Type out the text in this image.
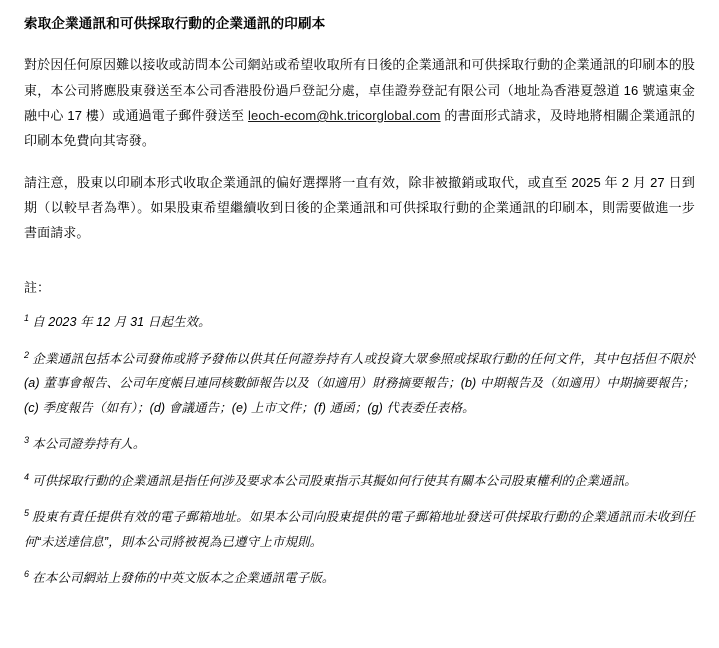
索取企業通訊和可供採取行動的企業通訊的印刷本

對於因任何原因難以接收或訪問本公司網站或希望收取所有日後的企業通訊和可供採取行動的企業通訊的印刷本的股東，本公司將應股東發送至本公司香港股份過戶登記分處，卓佳證券登記有限公司（地址為香港夏愨道 16 號遠東金融中心 17 樓）或通過電子郵件發送至 leoch-ecom@hk.tricorglobal.com 的書面形式請求，及時地將相關企業通訊的印刷本免費向其寄發。

請注意，股東以印刷本形式收取企業通訊的偏好選擇將一直有效，除非被撤銷或取代，或直至 2025 年 2 月 27 日到期（以較早者為準）。如果股東希望繼續收到日後的企業通訊和可供採取行動的企業通訊的印刷本，則需要做進一步書面請求。

註：

$^1$ 自 2023 年 12 月 31 日起生效。

$^2$ 企業通訊包括本公司發佈或將予發佈以供其任何證券持有人或投資大眾參照或採取行動的任何文件，其中包括但不限於 (a) 董事會報告、公司年度帳目連同核數師報告以及（如適用）財務摘要報告；(b) 中期報告及（如適用）中期摘要報告；(c) 季度報告（如有）；(d) 會議通告；(e) 上市文件；(f) 通函；(g) 代表委任表格。

$^3$ 本公司證券持有人。

$^4$ 可供採取行動的企業通訊是指任何涉及要求本公司股東指示其擬如何行使其有關本公司股東權利的企業通訊。

$^5$ 股東有責任提供有效的電子郵箱地址。如果本公司向股東提供的電子郵箱地址發送可供採取行動的企業通訊而未收到任何“未送達信息”，則本公司將被視為已遵守上市規則。

$^6$ 在本公司網站上發佈的中英文版本之企業通訊電子版。
